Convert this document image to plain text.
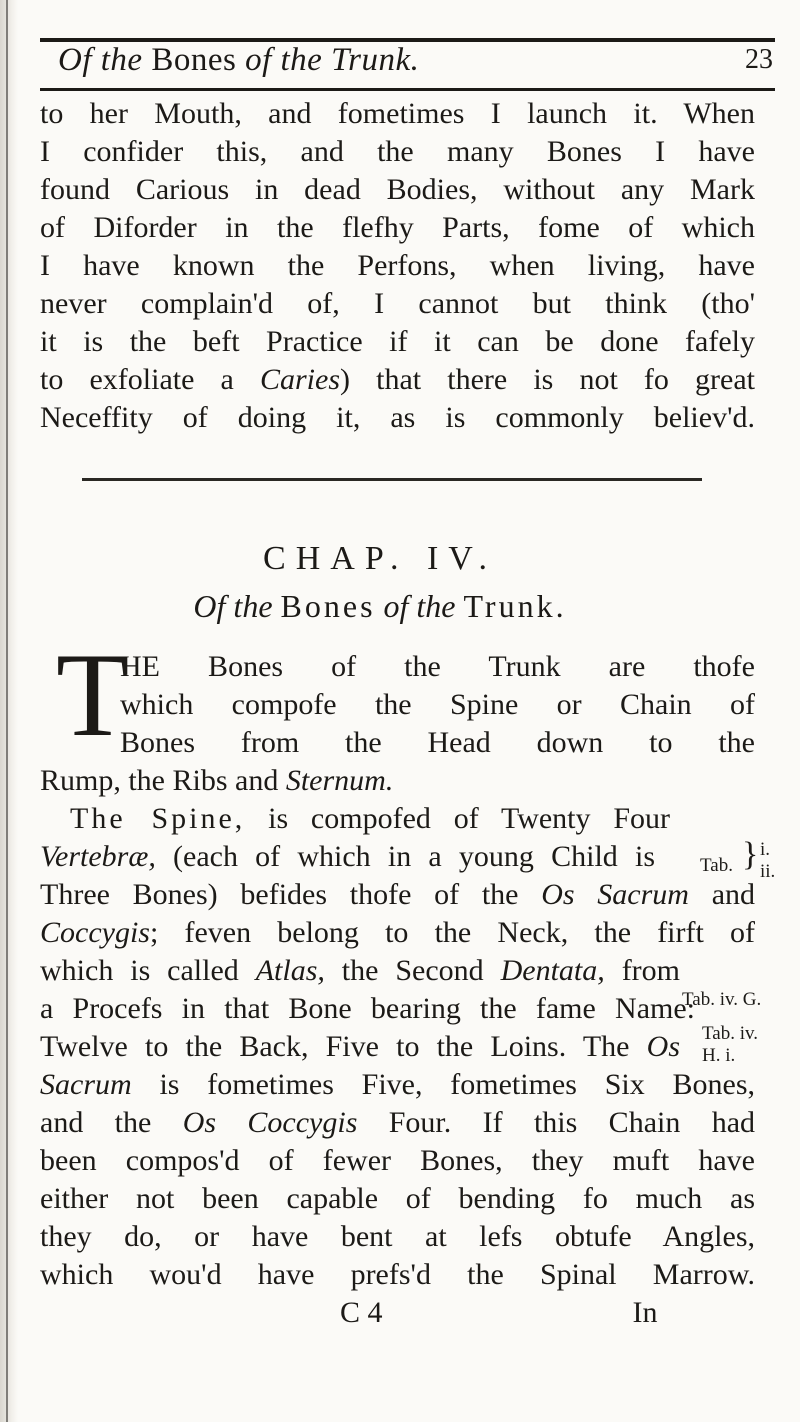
Of the Bones of the Trunk.	23
to her Mouth, and fometimes I launch it. When
I confider this, and the many Bones I have
found Carious in dead Bodies, without any Mark
of Diforder in the flefhy Parts, fome of which
I have known the Perfons, when living, have
never complain'd of, I cannot but think (tho'
it is the beft Practice if it can be done fafely
to exfoliate a Caries) that there is not fo great
Neceffity of doing it, as is commonly believ'd.
CHAP. IV.
Of the Bones of the Trunk.
T
HE Bones of the Trunk are thofe
which compofe the Spine or Chain of
Bones from the Head down to the
Rump, the Ribs and Sternum.
The Spine, is compofed of Twenty Four
Vertebræ, (each of which in a young Child is
Three Bones) befides thofe of the Os Sacrum and
Coccygis; feven belong to the Neck, the firft of
which is called Atlas, the Second Dentata, from
a Procefs in that Bone bearing the fame Name:
Twelve to the Back, Five to the Loins. The Os
Sacrum is fometimes Five, fometimes Six Bones,
and the Os Coccygis Four. If this Chain had
been compos'd of fewer Bones, they muft have
either not been capable of bending fo much as
they do, or have bent at lefs obtufe Angles,
which wou'd have prefs'd the Spinal Marrow.
C 4	In
Tab. } i.
ii.
Tab. iv. G.
Tab. iv.
H. i.
